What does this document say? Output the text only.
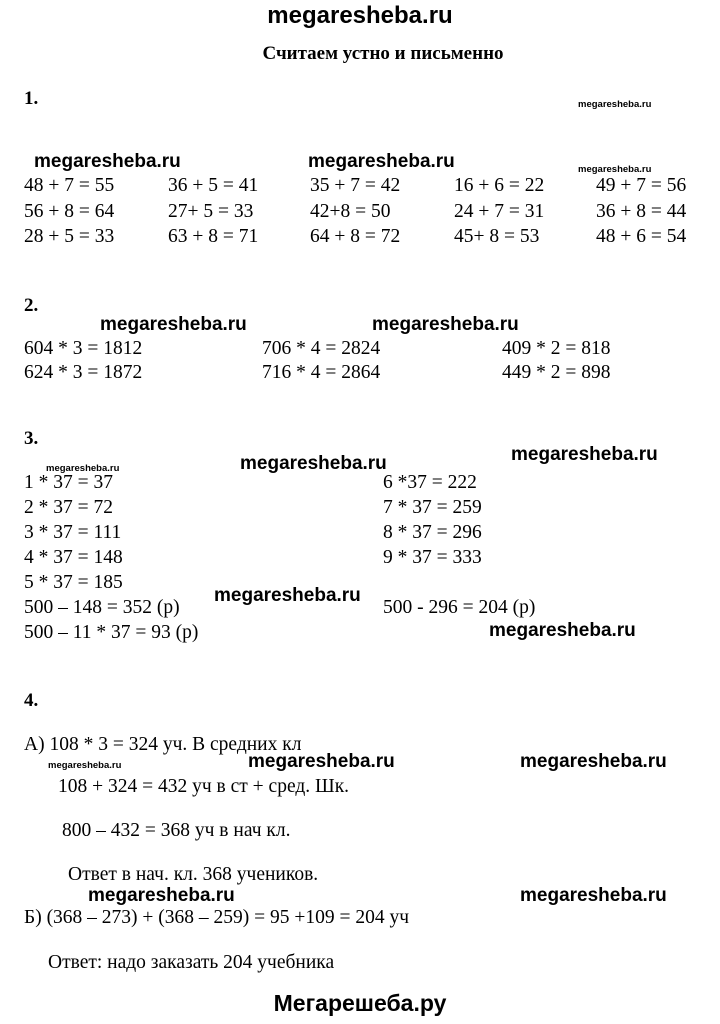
megaresheba.ru
Считаем устно и письменно
1.
48 + 7 = 55	36 + 5 = 41	35 + 7 = 42	16 + 6 = 22	49 + 7 = 56
56 + 8 = 64	27+ 5 = 33	42+8 = 50	24 + 7 = 31	36 + 8 = 44
28 + 5 = 33	63 + 8 = 71	64 + 8 = 72	45+ 8 = 53	48 + 6 = 54
2.
604 * 3 = 1812	706 * 4 = 2824	409 * 2 = 818
624 * 3 = 1872	716 * 4 = 2864	449 * 2 = 898
3.
1 * 37 = 37
2 * 37 = 72
3 * 37 = 111
4 * 37 = 148
5 * 37 = 185
500 – 148 = 352 (р)
500 – 11 * 37 = 93 (р)
6 *37 = 222
7 * 37 = 259
8 * 37 = 296
9 * 37 = 333
500 - 296 = 204 (р)
4.
А) 108 * 3 = 324 уч. В средних кл
108 + 324 = 432 уч в ст + сред. Шк.
800 – 432 = 368 уч в нач кл.
Ответ в нач. кл. 368 учеников.
Б) (368 – 273) + (368 – 259) = 95 +109 = 204 уч
Ответ: надо заказать 204 учебника
megaresheba.ru
megaresheba.ru	megaresheba.ru	megaresheba.ru
megaresheba.ru	megaresheba.ru
megaresheba.ru	megaresheba.ru	megaresheba.ru
megaresheba.ru
megaresheba.ru
megaresheba.ru	megaresheba.ru	megaresheba.ru
megaresheba.ru	megaresheba.ru
Мегарешеба.ру
